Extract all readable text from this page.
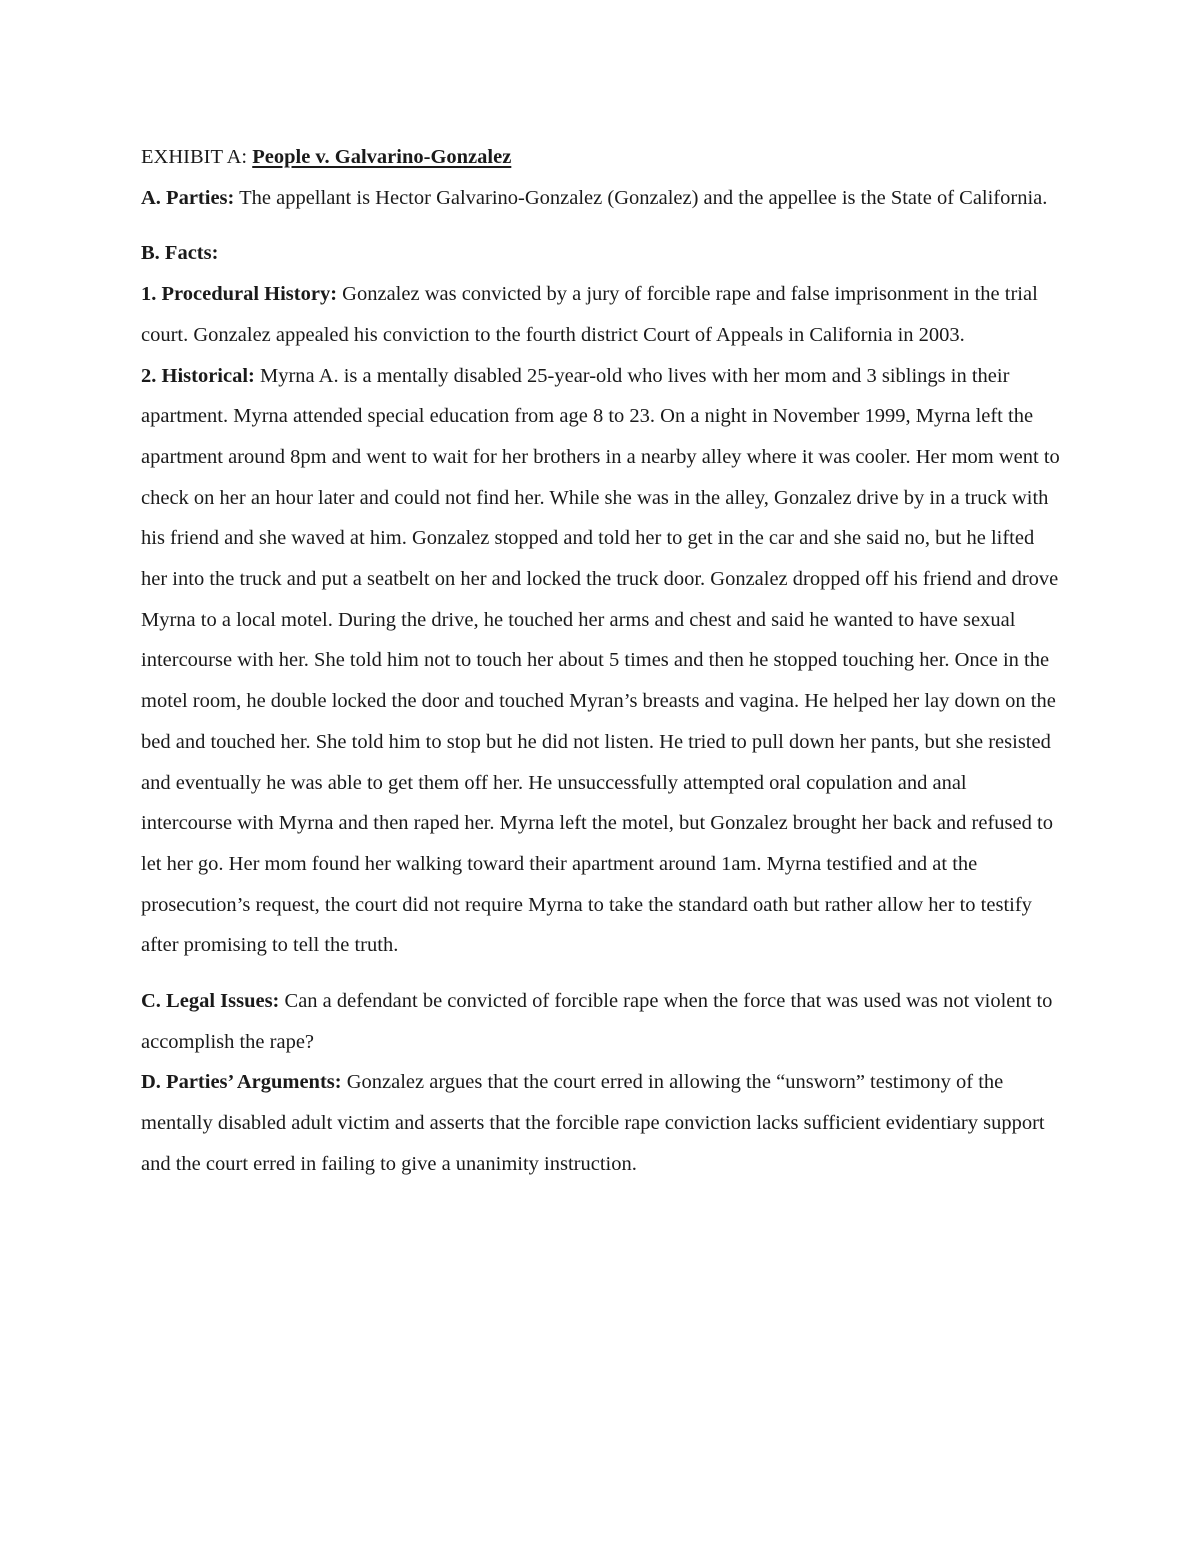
EXHIBIT A: People v. Galvarino-Gonzalez

A. Parties: The appellant is Hector Galvarino-Gonzalez (Gonzalez) and the appellee is the State of California.

B. Facts:

1. Procedural History: Gonzalez was convicted by a jury of forcible rape and false imprisonment in the trial court. Gonzalez appealed his conviction to the fourth district Court of Appeals in California in 2003.

2. Historical: Myrna A. is a mentally disabled 25-year-old who lives with her mom and 3 siblings in their apartment. Myrna attended special education from age 8 to 23. On a night in November 1999, Myrna left the apartment around 8pm and went to wait for her brothers in a nearby alley where it was cooler. Her mom went to check on her an hour later and could not find her. While she was in the alley, Gonzalez drive by in a truck with his friend and she waved at him. Gonzalez stopped and told her to get in the car and she said no, but he lifted her into the truck and put a seatbelt on her and locked the truck door. Gonzalez dropped off his friend and drove Myrna to a local motel. During the drive, he touched her arms and chest and said he wanted to have sexual intercourse with her. She told him not to touch her about 5 times and then he stopped touching her. Once in the motel room, he double locked the door and touched Myran’s breasts and vagina. He helped her lay down on the bed and touched her. She told him to stop but he did not listen. He tried to pull down her pants, but she resisted and eventually he was able to get them off her. He unsuccessfully attempted oral copulation and anal intercourse with Myrna and then raped her. Myrna left the motel, but Gonzalez brought her back and refused to let her go. Her mom found her walking toward their apartment around 1am. Myrna testified and at the prosecution’s request, the court did not require Myrna to take the standard oath but rather allow her to testify after promising to tell the truth.

C. Legal Issues: Can a defendant be convicted of forcible rape when the force that was used was not violent to accomplish the rape?

D. Parties’ Arguments: Gonzalez argues that the court erred in allowing the “unsworn” testimony of the mentally disabled adult victim and asserts that the forcible rape conviction lacks sufficient evidentiary support and the court erred in failing to give a unanimity instruction.
